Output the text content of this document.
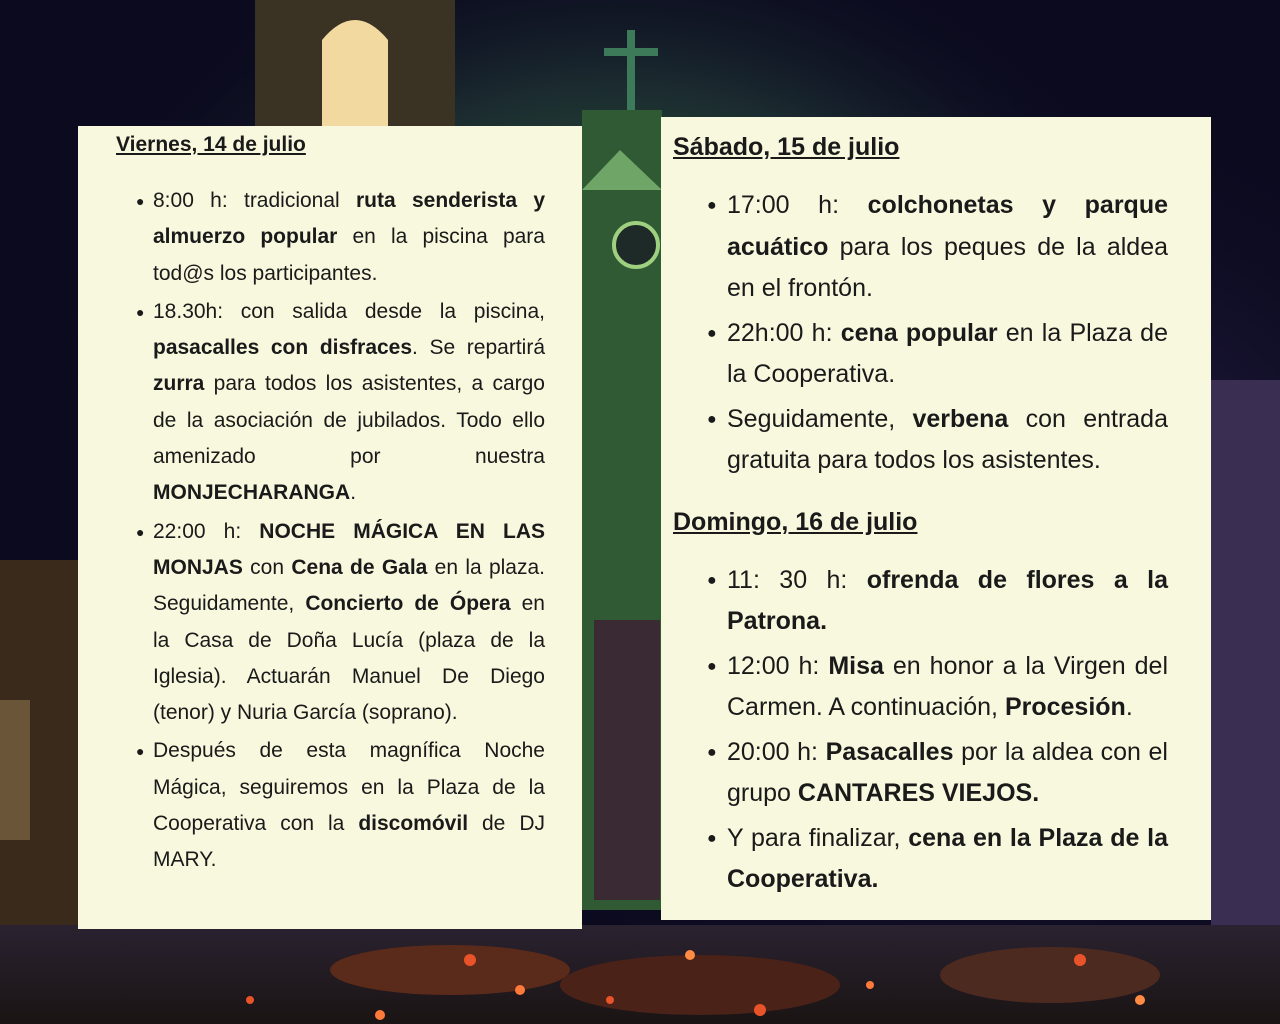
Viernes, 14 de julio
● 8:00 h: tradicional ruta senderista y almuerzo popular en la piscina para tod@s los participantes.
● 18.30h: con salida desde la piscina, pasacalles con disfraces. Se repartirá zurra para todos los asistentes, a cargo de la asociación de jubilados. Todo ello amenizado por nuestra MONJECHARANGA.
● 22:00 h: NOCHE MÁGICA EN LAS MONJAS con Cena de Gala en la plaza. Seguidamente, Concierto de Ópera en la Casa de Doña Lucía (plaza de la Iglesia). Actuarán Manuel De Diego (tenor) y Nuria García (soprano).
● Después de esta magnífica Noche Mágica, seguiremos en la Plaza de la Cooperativa con la discomóvil de DJ MARY.
Sábado, 15 de julio
● 17:00 h: colchonetas y parque acuático para los peques de la aldea en el frontón.
● 22h:00 h: cena popular en la Plaza de la Cooperativa.
● Seguidamente, verbena con entrada gratuita para todos los asistentes.
Domingo, 16 de julio
● 11: 30 h: ofrenda de flores a la Patrona.
● 12:00 h: Misa en honor a la Virgen del Carmen. A continuación, Procesión.
● 20:00 h: Pasacalles por la aldea con el grupo CANTARES VIEJOS.
● Y para finalizar, cena en la Plaza de la Cooperativa.
